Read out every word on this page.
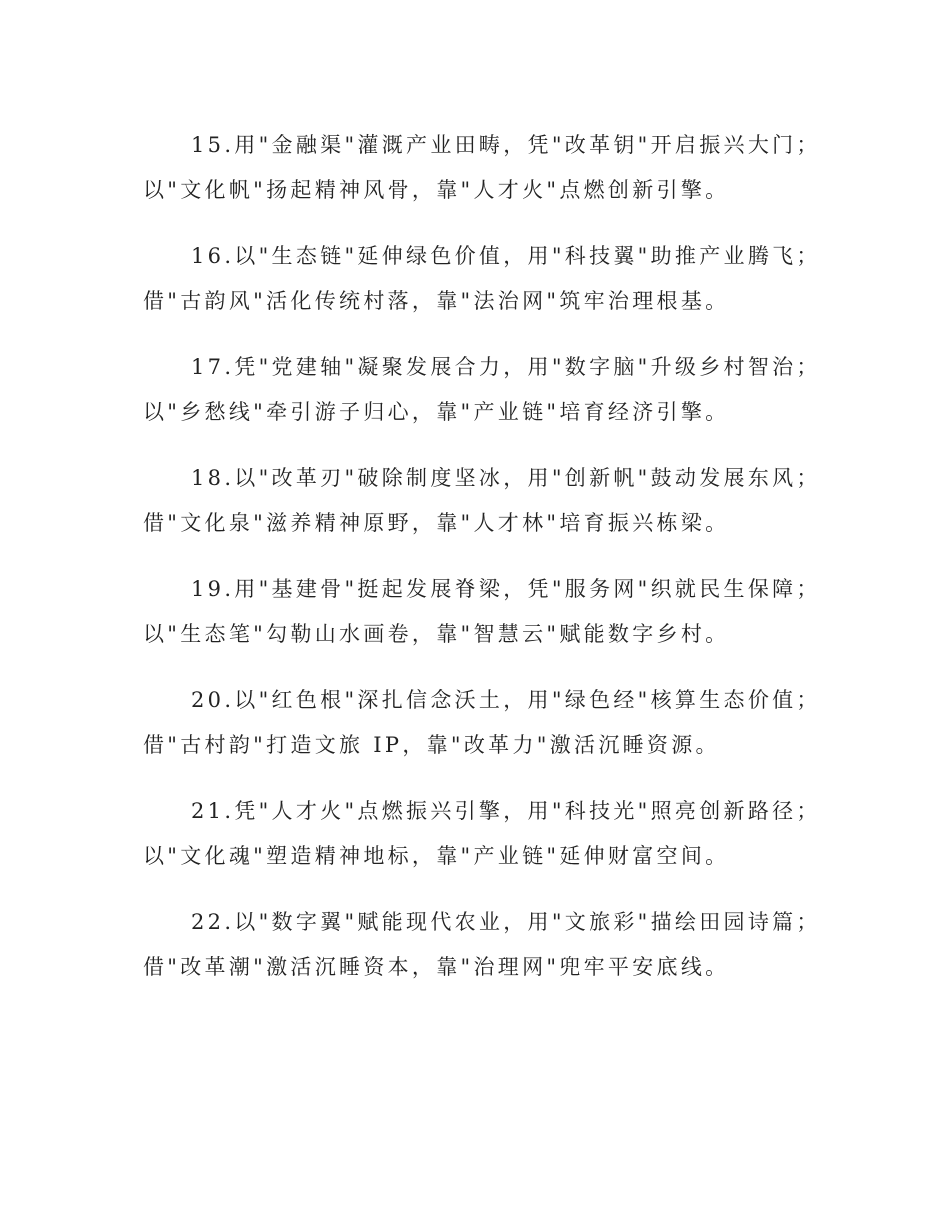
15.用"金融渠"灌溉产业田畴，凭"改革钥"开启振兴大门；
以"文化帆"扬起精神风骨，靠"人才火"点燃创新引擎。

16.以"生态链"延伸绿色价值，用"科技翼"助推产业腾飞；
借"古韵风"活化传统村落，靠"法治网"筑牢治理根基。

17.凭"党建轴"凝聚发展合力，用"数字脑"升级乡村智治；
以"乡愁线"牵引游子归心，靠"产业链"培育经济引擎。

18.以"改革刃"破除制度坚冰，用"创新帆"鼓动发展东风；
借"文化泉"滋养精神原野，靠"人才林"培育振兴栋梁。

19.用"基建骨"挺起发展脊梁，凭"服务网"织就民生保障；
以"生态笔"勾勒山水画卷，靠"智慧云"赋能数字乡村。

20.以"红色根"深扎信念沃土，用"绿色经"核算生态价值；
借"古村韵"打造文旅 IP，靠"改革力"激活沉睡资源。

21.凭"人才火"点燃振兴引擎，用"科技光"照亮创新路径；
以"文化魂"塑造精神地标，靠"产业链"延伸财富空间。

22.以"数字翼"赋能现代农业，用"文旅彩"描绘田园诗篇；
借"改革潮"激活沉睡资本，靠"治理网"兜牢平安底线。
